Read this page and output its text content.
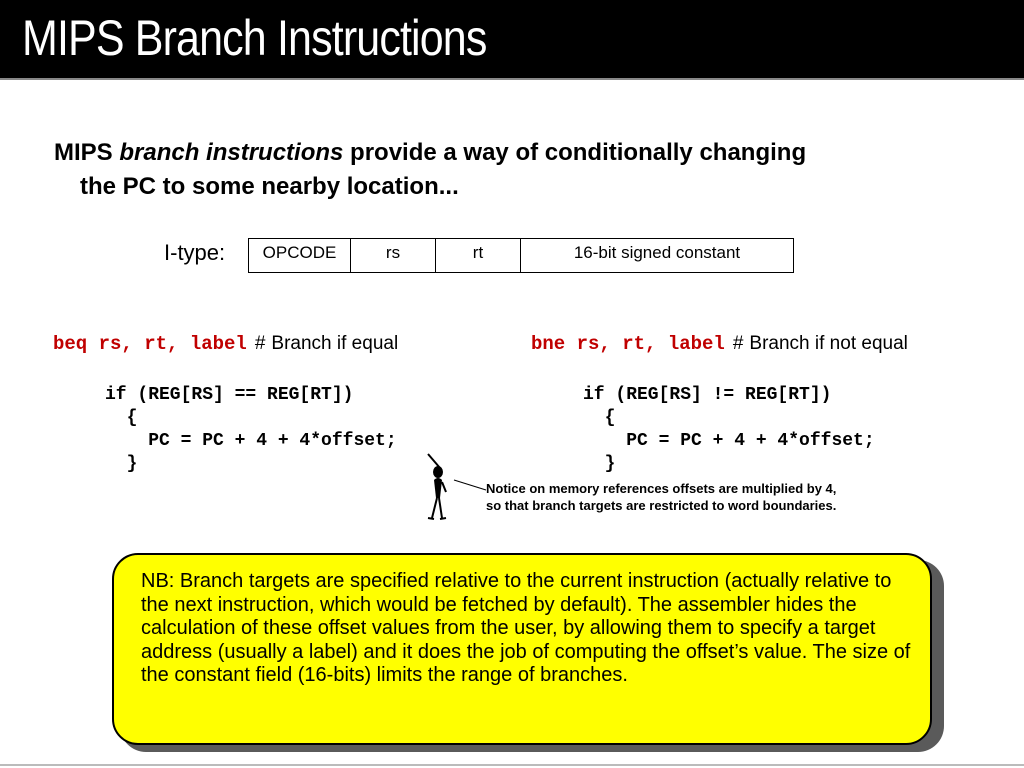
MIPS Branch Instructions
MIPS branch instructions provide a way of conditionally changing
the PC to some nearby location...
I-type:	OPCODE	rs	rt	16-bit signed constant
beq rs, rt, label # Branch if equal
if (REG[RS] == REG[RT])
{
PC = PC + 4 + 4*offset;
}
bne rs, rt, label # Branch if not equal
if (REG[RS] != REG[RT])
{
PC = PC + 4 + 4*offset;
}
Notice on memory references offsets are multiplied by 4, so that branch targets are restricted to word boundaries.
NB: Branch targets are specified relative to the current instruction (actually relative to the next instruction, which would be fetched by default). The assembler hides the calculation of these offset values from the user, by allowing them to specify a target address (usually a label) and it does the job of computing the offset’s value. The size of the constant field (16-bits) limits the range of branches.
